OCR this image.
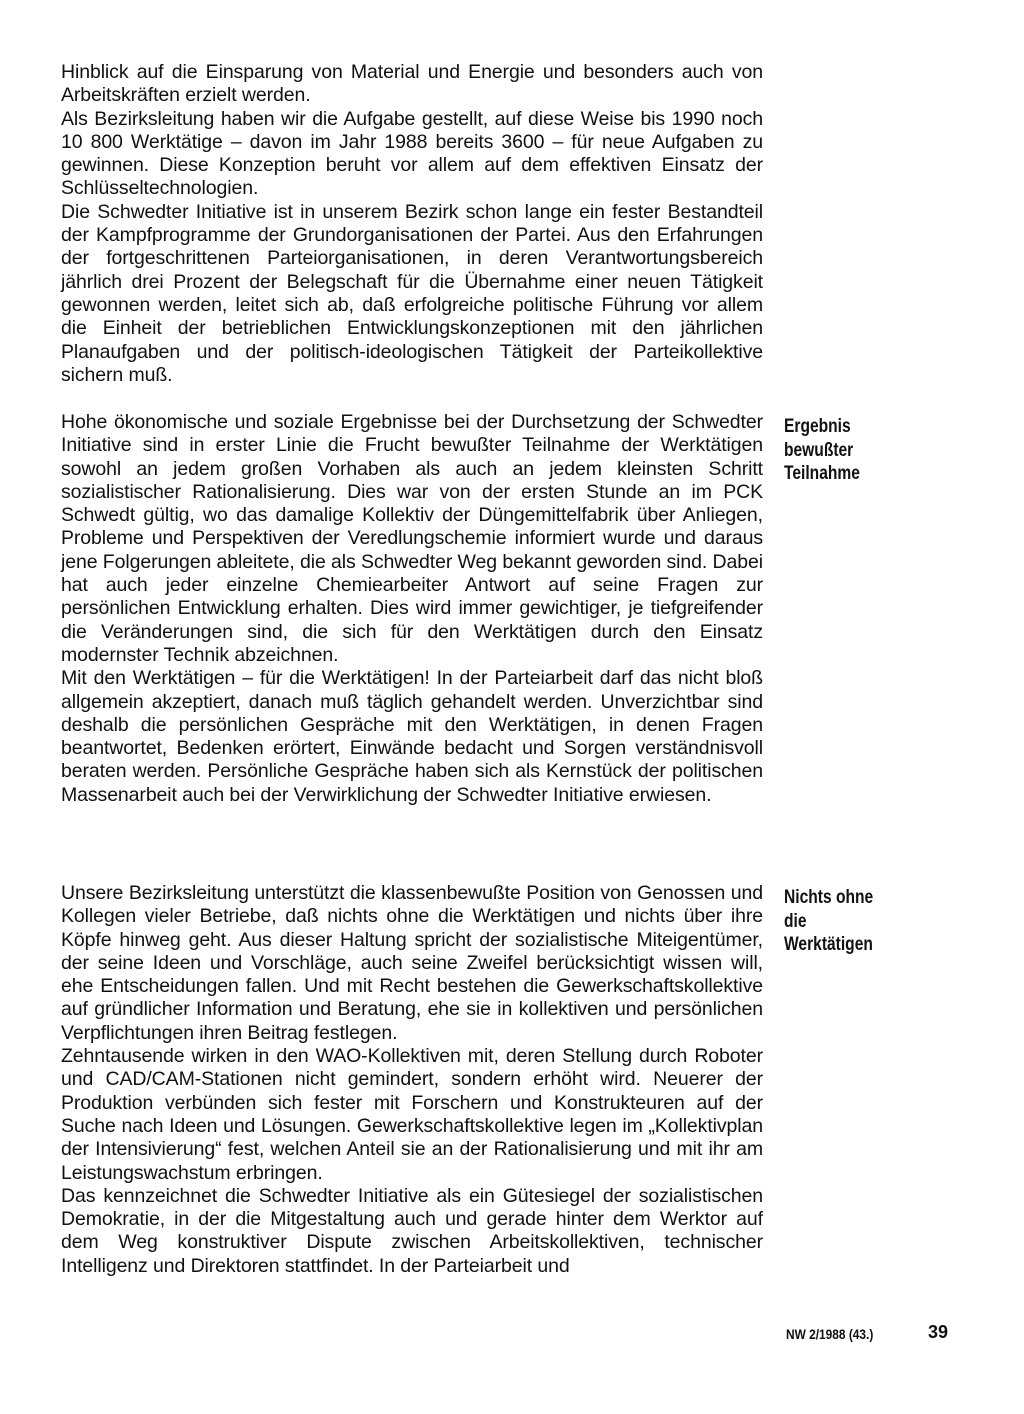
Hinblick auf die Einsparung von Material und Energie und besonders auch von Arbeitskräften erzielt werden.

Als Bezirksleitung haben wir die Aufgabe gestellt, auf diese Weise bis 1990 noch 10 800 Werktätige – davon im Jahr 1988 bereits 3600 – für neue Aufgaben zu gewinnen. Diese Konzeption beruht vor allem auf dem effektiven Einsatz der Schlüsseltechnologien.

Die Schwedter Initiative ist in unserem Bezirk schon lange ein fester Bestandteil der Kampfprogramme der Grundorganisationen der Partei. Aus den Erfahrungen der fortgeschrittenen Parteiorganisationen, in deren Verantwortungsbereich jährlich drei Prozent der Belegschaft für die Übernahme einer neuen Tätigkeit gewonnen werden, leitet sich ab, daß erfolgreiche politische Führung vor allem die Einheit der betrieblichen Entwicklungskonzeptionen mit den jährlichen Planaufgaben und der politisch-ideologischen Tätigkeit der Parteikollektive sichern muß.

Ergebnis bewußter Teilnahme

Hohe ökonomische und soziale Ergebnisse bei der Durchsetzung der Schwedter Initiative sind in erster Linie die Frucht bewußter Teilnahme der Werktätigen sowohl an jedem großen Vorhaben als auch an jedem kleinsten Schritt sozialistischer Rationalisierung. Dies war von der ersten Stunde an im PCK Schwedt gültig, wo das damalige Kollektiv der Düngemittelfabrik über Anliegen, Probleme und Perspektiven der Veredlungschemie informiert wurde und daraus jene Folgerungen ableitete, die als Schwedter Weg bekannt geworden sind. Dabei hat auch jeder einzelne Chemiearbeiter Antwort auf seine Fragen zur persönlichen Entwicklung erhalten. Dies wird immer gewichtiger, je tiefgreifender die Veränderungen sind, die sich für den Werktätigen durch den Einsatz modernster Technik abzeichnen.

Mit den Werktätigen – für die Werktätigen! In der Parteiarbeit darf das nicht bloß allgemein akzeptiert, danach muß täglich gehandelt werden. Unverzichtbar sind deshalb die persönlichen Gespräche mit den Werktätigen, in denen Fragen beantwortet, Bedenken erörtert, Einwände bedacht und Sorgen verständnisvoll beraten werden. Persönliche Gespräche haben sich als Kernstück der politischen Massenarbeit auch bei der Verwirklichung der Schwedter Initiative erwiesen.

Nichts ohne die Werktätigen

Unsere Bezirksleitung unterstützt die klassenbewußte Position von Genossen und Kollegen vieler Betriebe, daß nichts ohne die Werktätigen und nichts über ihre Köpfe hinweg geht. Aus dieser Haltung spricht der sozialistische Miteigentümer, der seine Ideen und Vorschläge, auch seine Zweifel berücksichtigt wissen will, ehe Entscheidungen fallen. Und mit Recht bestehen die Gewerkschaftskollektive auf gründlicher Information und Beratung, ehe sie in kollektiven und persönlichen Verpflichtungen ihren Beitrag festlegen.

Zehntausende wirken in den WAO-Kollektiven mit, deren Stellung durch Roboter und CAD/CAM-Stationen nicht gemindert, sondern erhöht wird. Neuerer der Produktion verbünden sich fester mit Forschern und Konstrukteuren auf der Suche nach Ideen und Lösungen. Gewerkschaftskollektive legen im „Kollektivplan der Intensivierung“ fest, welchen Anteil sie an der Rationalisierung und mit ihr am Leistungswachstum erbringen.

Das kennzeichnet die Schwedter Initiative als ein Gütesiegel der sozialistischen Demokratie, in der die Mitgestaltung auch und gerade hinter dem Werktor auf dem Weg konstruktiver Dispute zwischen Arbeitskollektiven, technischer Intelligenz und Direktoren stattfindet. In der Parteiarbeit und

NW 2/1988 (43.)	39
